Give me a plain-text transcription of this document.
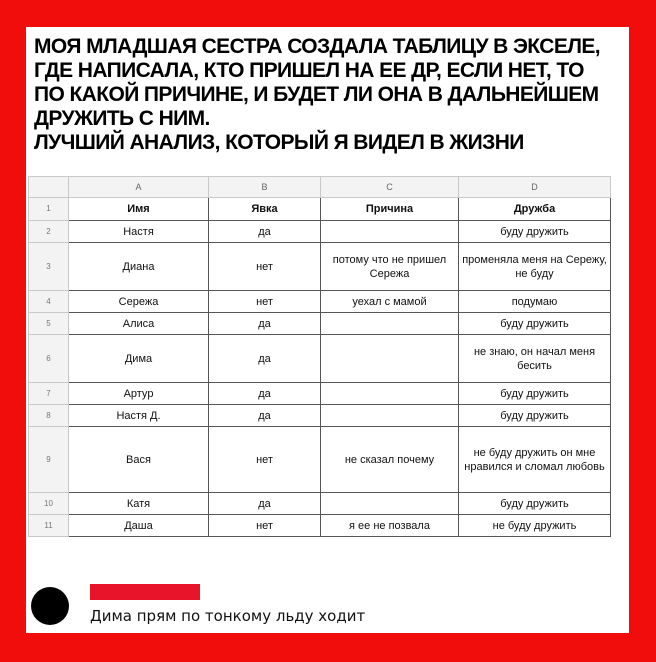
МОЯ МЛАДШАЯ СЕСТРА СОЗДАЛА ТАБЛИЦУ В ЭКСЕЛЕ,
ГДЕ НАПИСАЛА, КТО ПРИШЕЛ НА ЕЕ ДР, ЕСЛИ НЕТ, ТО
ПО КАКОЙ ПРИЧИНЕ, И БУДЕТ ЛИ ОНА В ДАЛЬНЕЙШЕМ
ДРУЖИТЬ С НИМ.
ЛУЧШИЙ АНАЛИЗ, КОТОРЫЙ Я ВИДЕЛ В ЖИЗНИ
	A	B	C	D
1	Имя	Явка	Причина	Дружба
2	Настя	да		буду дружить
3	Диана	нет	потому что не пришел Сережа	променяла меня на Сережу, не буду
4	Сережа	нет	уехал с мамой	подумаю
5	Алиса	да		буду дружить
6	Дима	да		не знаю, он начал меня бесить
7	Артур	да		буду дружить
8	Настя Д.	да		буду дружить
9	Вася	нет	не сказал почему	не буду дружить он мне нравился и сломал любовь
10	Катя	да		буду дружить
11	Даша	нет	я ее не позвала	не буду дружить
Дима прям по тонкому льду ходит
